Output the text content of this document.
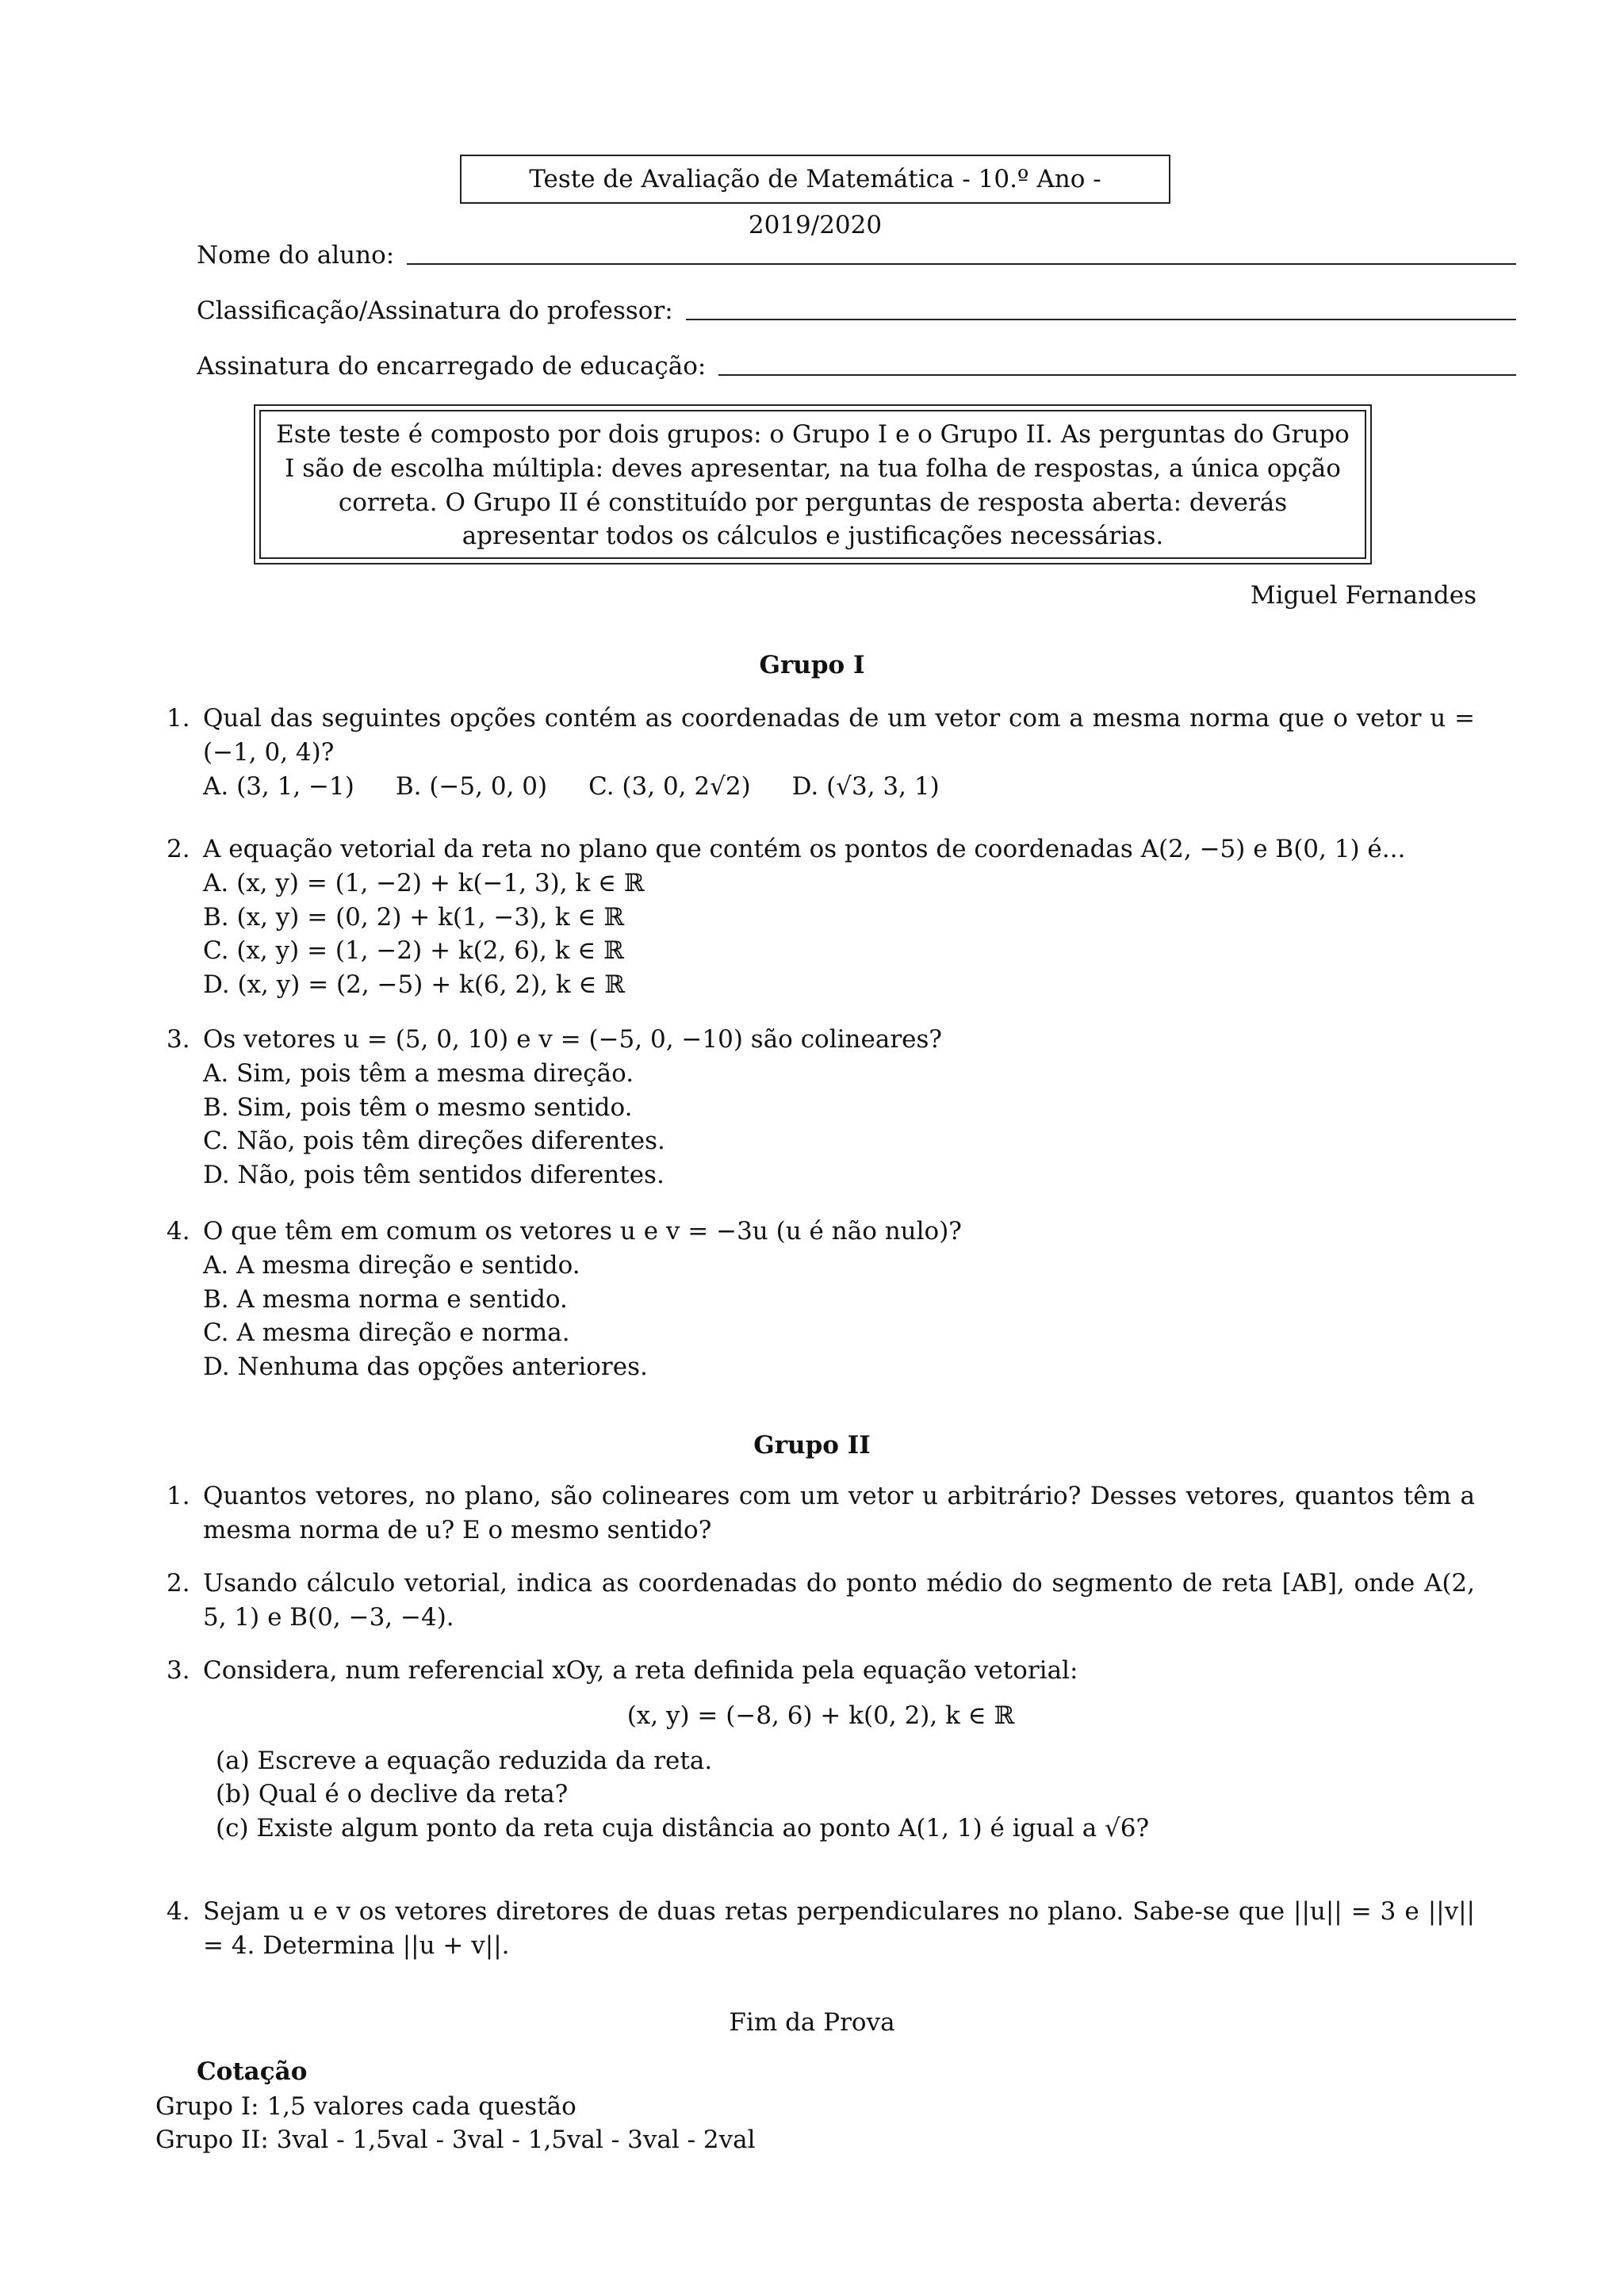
Teste de Avaliação de Matemática - 10.º Ano - 2019/2020
Nome do aluno:
Classificação/Assinatura do professor:
Assinatura do encarregado de educação:
Este teste é composto por dois grupos: o Grupo I e o Grupo II. As perguntas do Grupo I são de escolha múltipla: deves apresentar, na tua folha de respostas, a única opção correta. O Grupo II é constituído por perguntas de resposta aberta: deverás apresentar todos os cálculos e justificações necessárias.
Miguel Fernandes
Grupo I
1. Qual das seguintes opções contém as coordenadas de um vetor com a mesma norma que o vetor u = (−1, 0, 4)?
A. (3, 1, −1) B. (−5, 0, 0) C. (3, 0, 2√2) D. (√3, 3, 1)
2. A equação vetorial da reta no plano que contém os pontos de coordenadas A(2, −5) e B(0, 1) é...
A. (x, y) = (1, −2) + k(−1, 3), k ∈ ℝ
B. (x, y) = (0, 2) + k(1, −3), k ∈ ℝ
C. (x, y) = (1, −2) + k(2, 6), k ∈ ℝ
D. (x, y) = (2, −5) + k(6, 2), k ∈ ℝ
3. Os vetores u = (5, 0, 10) e v = (−5, 0, −10) são colineares?
A. Sim, pois têm a mesma direção.
B. Sim, pois têm o mesmo sentido.
C. Não, pois têm direções diferentes.
D. Não, pois têm sentidos diferentes.
4. O que têm em comum os vetores u e v = −3u (u é não nulo)?
A. A mesma direção e sentido.
B. A mesma norma e sentido.
C. A mesma direção e norma.
D. Nenhuma das opções anteriores.
Grupo II
1. Quantos vetores, no plano, são colineares com um vetor u arbitrário? Desses vetores, quantos têm a mesma norma de u? E o mesmo sentido?
2. Usando cálculo vetorial, indica as coordenadas do ponto médio do segmento de reta [AB], onde A(2, 5, 1) e B(0, −3, −4).
3. Considera, num referencial xOy, a reta definida pela equação vetorial:
(x, y) = (−8, 6) + k(0, 2), k ∈ ℝ
(a) Escreve a equação reduzida da reta.
(b) Qual é o declive da reta?
(c) Existe algum ponto da reta cuja distância ao ponto A(1, 1) é igual a √6?
4. Sejam u e v os vetores diretores de duas retas perpendiculares no plano. Sabe-se que ||u|| = 3 e ||v|| = 4. Determina ||u + v||.
Fim da Prova
Cotação
Grupo I: 1,5 valores cada questão
Grupo II: 3val - 1,5val - 3val - 1,5val - 3val - 2val
